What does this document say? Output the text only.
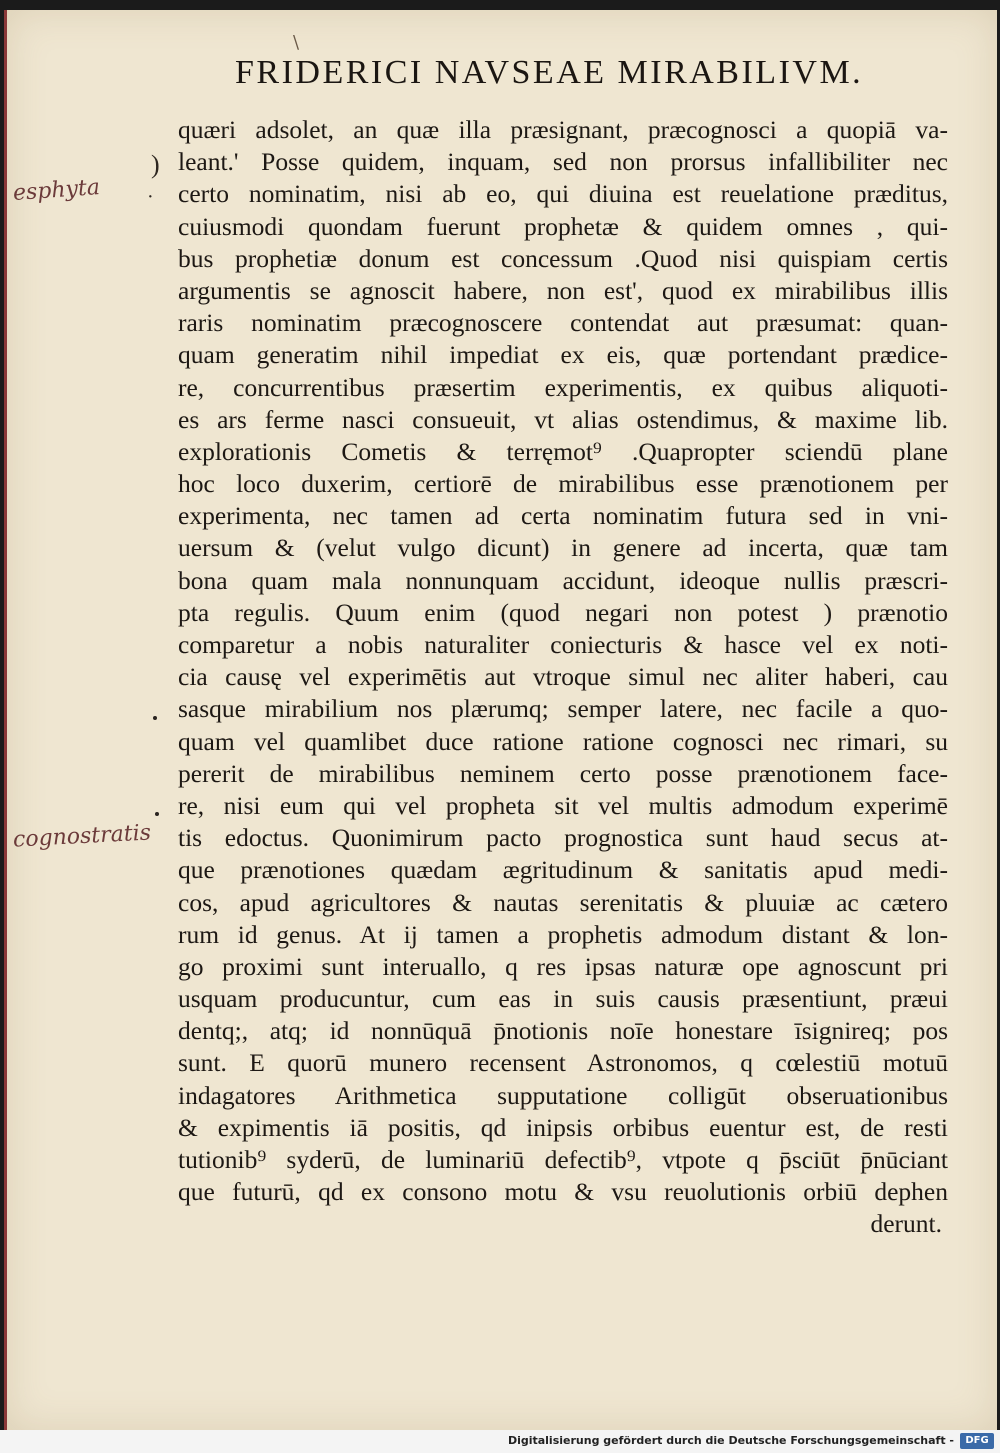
\
FRIDERICI NAVSEAE MIRABILIVM.
)
·
esphyta
cognostratis
quæri adsolet, an quæ illa præsignant, præcognosci a quopiā va-
leant.' Posse quidem, inquam, sed non prorsus infallibiliter nec
certo nominatim, nisi ab eo, qui diuina est reuelatione præditus,
cuiusmodi quondam fuerunt prophetæ & quidem omnes , qui-
bus prophetiæ donum est concessum .Quod nisi quispiam certis
argumentis se agnoscit habere, non est', quod ex mirabilibus illis
raris nominatim præcognoscere contendat aut præsumat: quan-
quam generatim nihil impediat ex eis, quæ portendant prædice-
re, concurrentibus præsertim experimentis, ex quibus aliquoti-
es ars ferme nasci consueuit, vt alias ostendimus, & maxime lib.
explorationis Cometis & terręmot⁹ .Quapropter sciendū plane
hoc loco duxerim, certiorē de mirabilibus esse prænotionem per
experimenta, nec tamen ad certa nominatim futura sed in vni-
uersum & (velut vulgo dicunt) in genere ad incerta, quæ tam
bona quam mala nonnunquam accidunt, ideoque nullis præscri-
pta regulis. Quum enim (quod negari non potest ) prænotio
comparetur a nobis naturaliter coniecturis & hasce vel ex noti-
cia causę vel experimētis aut vtroque simul nec aliter haberi, cau
sasque mirabilium nos plærumq; semper latere, nec facile a quo-
quam vel quamlibet duce ratione ratione cognosci nec rimari, su
pererit de mirabilibus neminem certo posse prænotionem face-
re, nisi eum qui vel propheta sit vel multis admodum experimē
tis edoctus. Quonimirum pacto prognostica sunt haud secus at-
que prænotiones quædam ægritudinum & sanitatis apud medi-
cos, apud agricultores & nautas serenitatis & pluuiæ ac cætero
rum id genus. At ij tamen a prophetis admodum distant & lon-
go proximi sunt interuallo, q res ipsas naturæ ope agnoscunt pri
usquam producuntur, cum eas in suis causis præsentiunt, præui
dentq;, atq; id nonnūquā p̄notionis noīe honestare īsignireq; pos
sunt. E quorū munero recensent Astronomos, q cœlestiū motuū
indagatores Arithmetica supputatione colligūt obseruationibus
& expimentis iā positis, qd inipsis orbibus euentur est, de resti
tutionib⁹ syderū, de luminariū defectib⁹, vtpote q p̄sciūt p̄nūciant
que futurū, qd ex consono motu & vsu reuolutionis orbiū dephen
derunt.
Digitalisierung gefördert durch die Deutsche Forschungsgemeinschaft -	DFG
